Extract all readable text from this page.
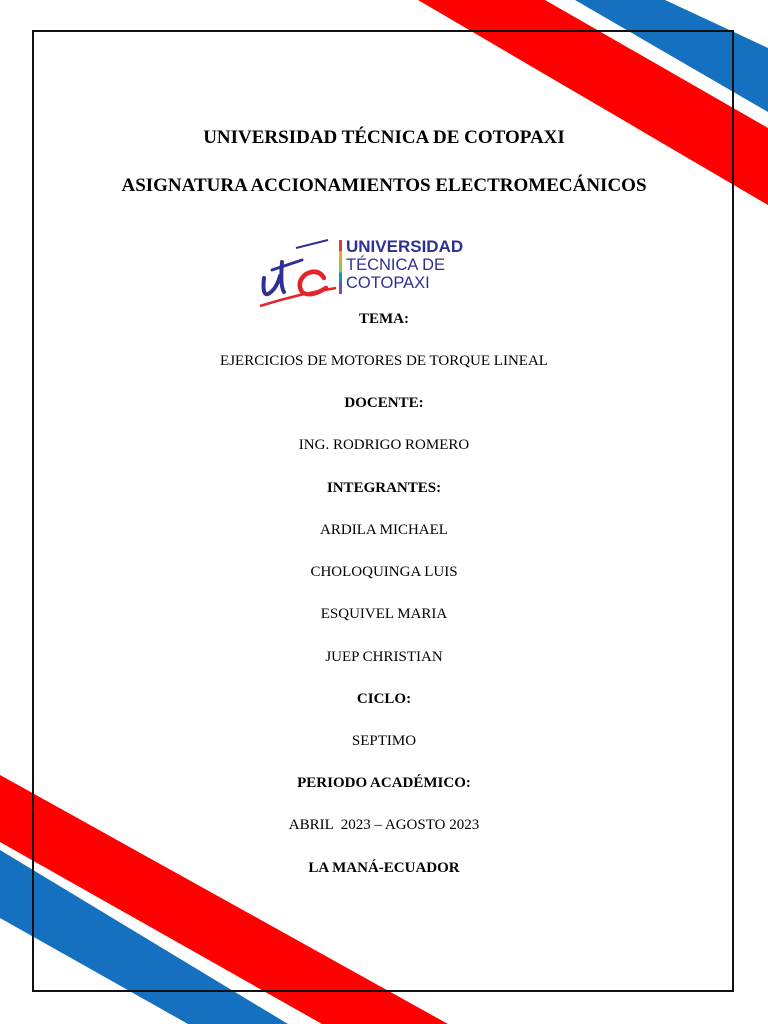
UNIVERSIDAD TÉCNICA DE COTOPAXI
ASIGNATURA ACCIONAMIENTOS ELECTROMECÁNICOS
UNIVERSIDAD
TÉCNICA DE
COTOPAXI
TEMA:
EJERCICIOS DE MOTORES DE TORQUE LINEAL
DOCENTE:
ING. RODRIGO ROMERO
INTEGRANTES:
ARDILA MICHAEL
CHOLOQUINGA LUIS
ESQUIVEL MARIA
JUEP CHRISTIAN
CICLO:
SEPTIMO
PERIODO ACADÉMICO:
ABRIL  2023 – AGOSTO 2023
LA MANÁ-ECUADOR
